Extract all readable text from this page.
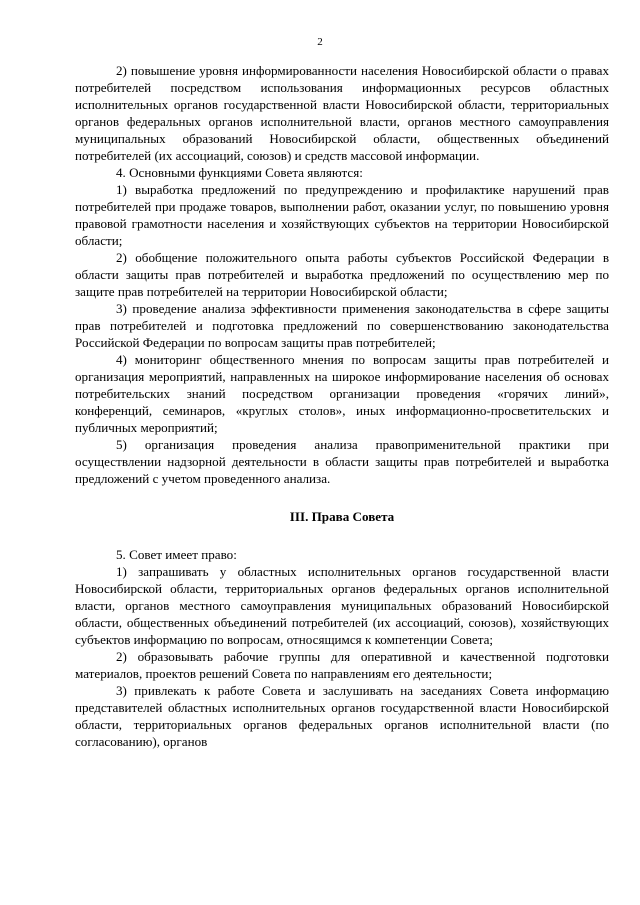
2

2) повышение уровня информированности населения Новосибирской области о правах потребителей посредством использования информационных ресурсов областных исполнительных органов государственной власти Новосибирской области, территориальных органов федеральных органов исполнительной власти, органов местного самоуправления муниципальных образований Новосибирской области, общественных объединений потребителей (их ассоциаций, союзов) и средств массовой информации.

4. Основными функциями Совета являются:

1) выработка предложений по предупреждению и профилактике нарушений прав потребителей при продаже товаров, выполнении работ, оказании услуг, по повышению уровня правовой грамотности населения и хозяйствующих субъектов на территории Новосибирской области;

2) обобщение положительного опыта работы субъектов Российской Федерации в области защиты прав потребителей и выработка предложений по осуществлению мер по защите прав потребителей на территории Новосибирской области;

3) проведение анализа эффективности применения законодательства в сфере защиты прав потребителей и подготовка предложений по совершенствованию законодательства Российской Федерации по вопросам защиты прав потребителей;

4) мониторинг общественного мнения по вопросам защиты прав потребителей и организация мероприятий, направленных на широкое информирование населения об основах потребительских знаний посредством организации проведения «горячих линий», конференций, семинаров, «круглых столов», иных информационно-просветительских и публичных мероприятий;

5) организация проведения анализа правоприменительной практики при осуществлении надзорной деятельности в области защиты прав потребителей и выработка предложений с учетом проведенного анализа.

III. Права Совета

5. Совет имеет право:

1) запрашивать у областных исполнительных органов государственной власти Новосибирской области, территориальных органов федеральных органов исполнительной власти, органов местного самоуправления муниципальных образований Новосибирской области, общественных объединений потребителей (их ассоциаций, союзов), хозяйствующих субъектов информацию по вопросам, относящимся к компетенции Совета;

2) образовывать рабочие группы для оперативной и качественной подготовки материалов, проектов решений Совета по направлениям его деятельности;

3) привлекать к работе Совета и заслушивать на заседаниях Совета информацию представителей областных исполнительных органов государственной власти Новосибирской области, территориальных органов федеральных органов исполнительной власти (по согласованию), органов
